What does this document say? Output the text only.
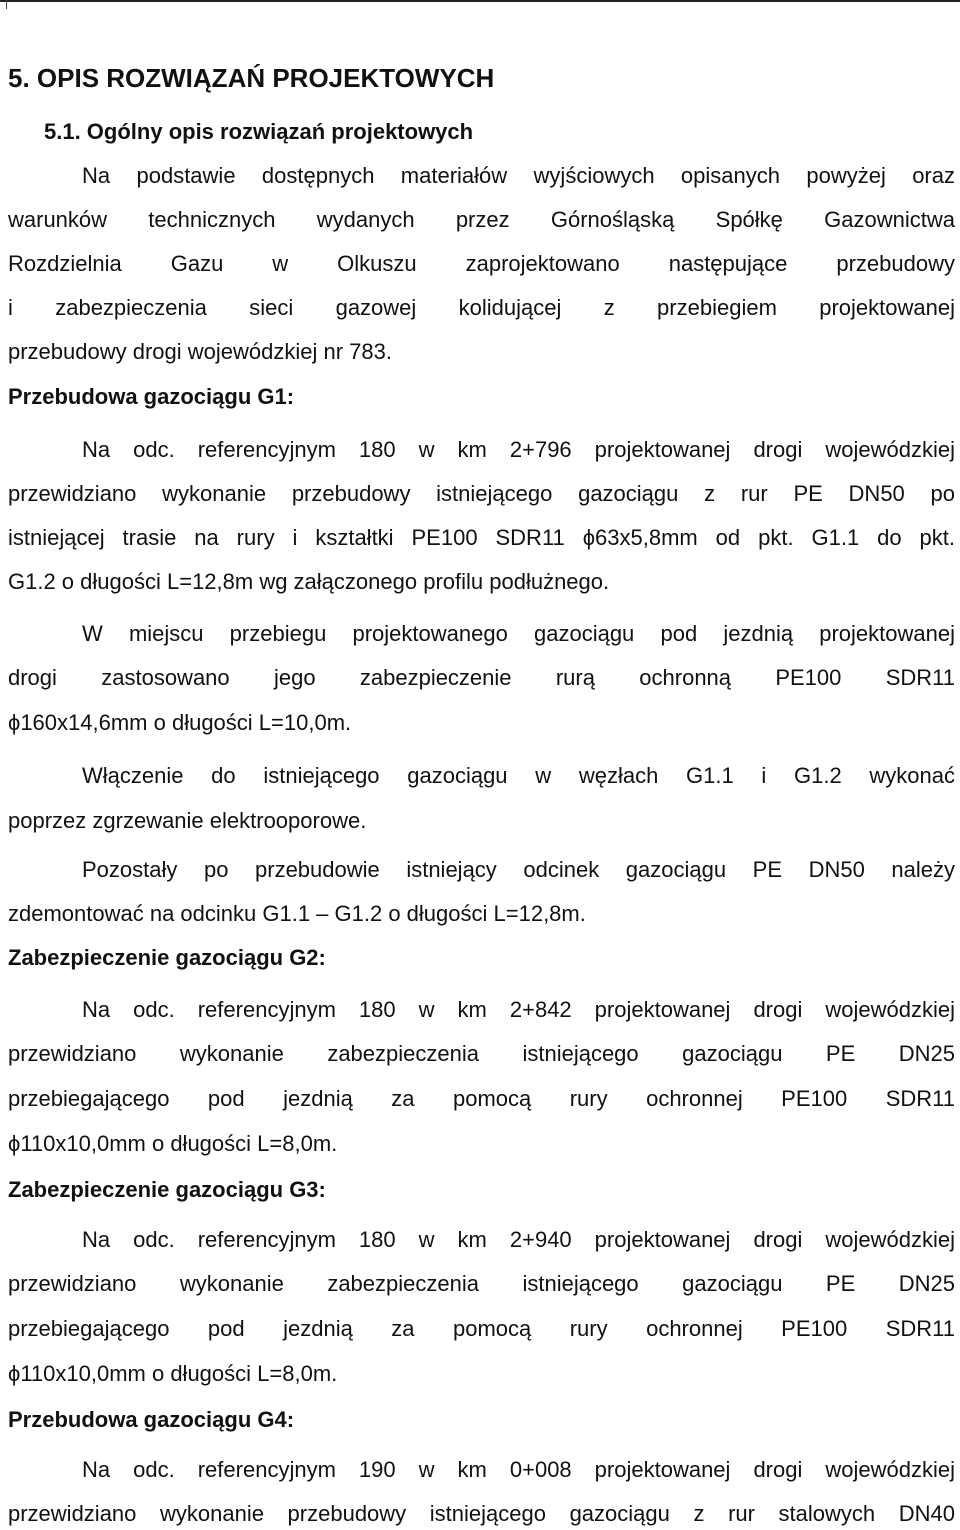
5. OPIS ROZWIĄZAŃ PROJEKTOWYCH
5.1. Ogólny opis rozwiązań projektowych
Na podstawie dostępnych materiałów wyjściowych opisanych powyżej oraz
warunków technicznych wydanych przez Górnośląską Spółkę Gazownictwa
Rozdzielnia Gazu w Olkuszu zaprojektowano następujące przebudowy
i zabezpieczenia sieci gazowej kolidującej z przebiegiem projektowanej
przebudowy drogi wojewódzkiej nr 783.
Przebudowa gazociągu G1:
Na odc. referencyjnym 180 w km 2+796 projektowanej drogi wojewódzkiej
przewidziano wykonanie przebudowy istniejącego gazociągu z rur PE DN50 po
istniejącej trasie na rury i kształtki PE100 SDR11 ϕ63x5,8mm od pkt. G1.1 do pkt.
G1.2 o długości L=12,8m wg załączonego profilu podłużnego.
W miejscu przebiegu projektowanego gazociągu pod jezdnią projektowanej
drogi zastosowano jego zabezpieczenie rurą ochronną PE100 SDR11
ϕ160x14,6mm o długości L=10,0m.
Włączenie do istniejącego gazociągu w węzłach G1.1 i G1.2 wykonać
poprzez zgrzewanie elektrooporowe.
Pozostały po przebudowie istniejący odcinek gazociągu PE DN50 należy
zdemontować na odcinku G1.1 – G1.2 o długości L=12,8m.
Zabezpieczenie gazociągu G2:
Na odc. referencyjnym 180 w km 2+842 projektowanej drogi wojewódzkiej
przewidziano wykonanie zabezpieczenia istniejącego gazociągu PE DN25
przebiegającego pod jezdnią za pomocą rury ochronnej PE100 SDR11
ϕ110x10,0mm o długości L=8,0m.
Zabezpieczenie gazociągu G3:
Na odc. referencyjnym 180 w km 2+940 projektowanej drogi wojewódzkiej
przewidziano wykonanie zabezpieczenia istniejącego gazociągu PE DN25
przebiegającego pod jezdnią za pomocą rury ochronnej PE100 SDR11
ϕ110x10,0mm o długości L=8,0m.
Przebudowa gazociągu G4:
Na odc. referencyjnym 190 w km 0+008 projektowanej drogi wojewódzkiej
przewidziano wykonanie przebudowy istniejącego gazociągu z rur stalowych DN40
